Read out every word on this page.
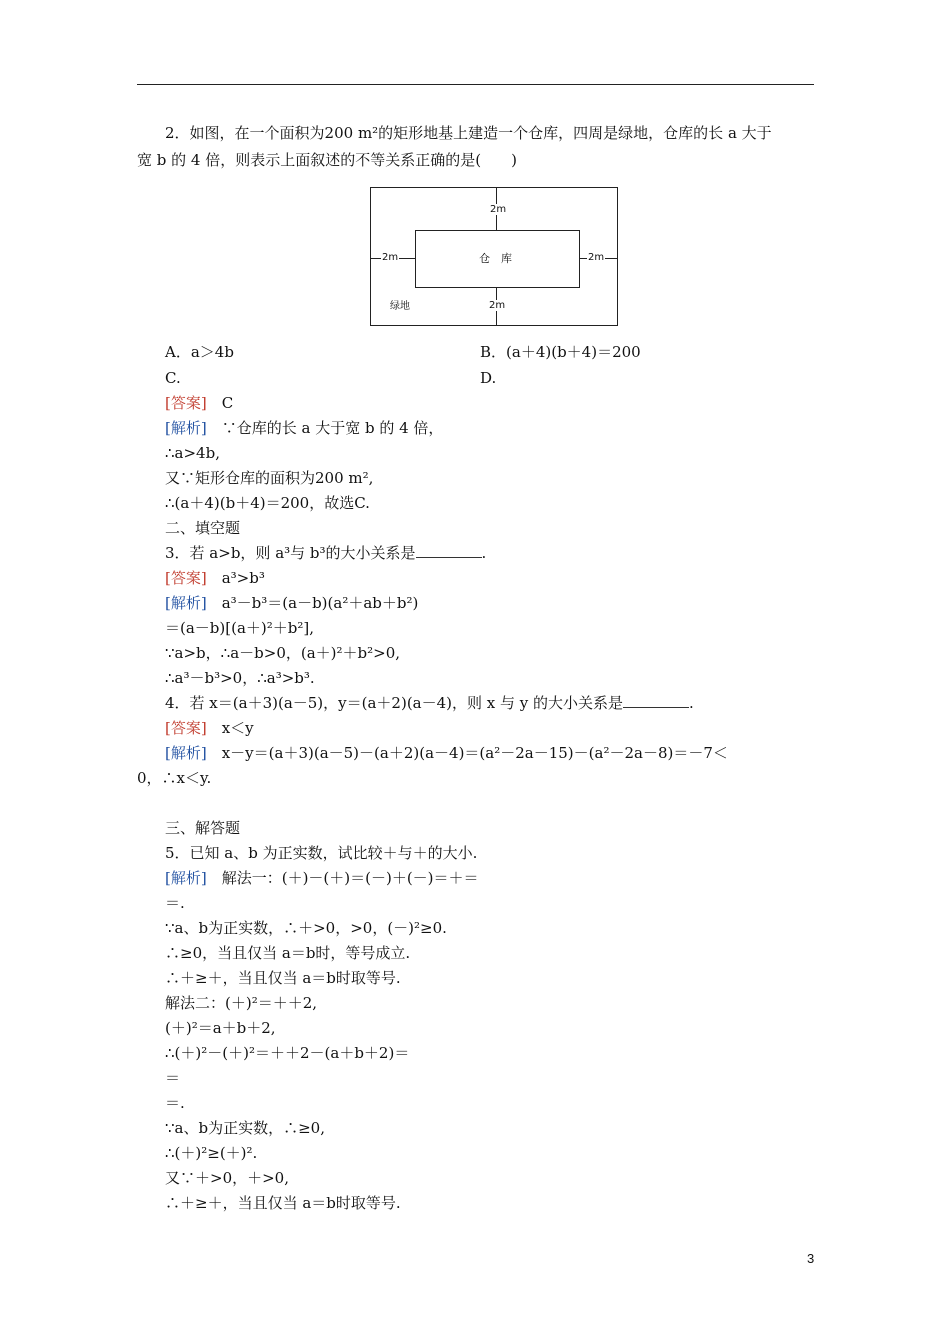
2．如图，在一个面积为200 m²的矩形地基上建造一个仓库，四周是绿地，仓库的长 a 大于
宽 b 的 4 倍，则表示上面叙述的不等关系正确的是(　　)
仓　库
2m
2m	2m
2m
绿地
A．a＞4b	B．(a＋4)(b＋4)＝200
C.	D.
[答案]　C
[解析]　∵仓库的长 a 大于宽 b 的 4 倍，
∴a>4b,
又∵矩形仓库的面积为200 m²,
∴(a＋4)(b＋4)＝200，故选C.
二、填空题
3．若 a>b，则 a³与 b³的大小关系是	.
[答案]　a³>b³
[解析]　a³－b³＝(a－b)(a²＋ab＋b²)
＝(a－b)[(a＋)²＋b²],
∵a>b，∴a－b>0，(a＋)²＋b²>0,
∴a³－b³>0，∴a³>b³.
4．若 x＝(a＋3)(a－5)，y＝(a＋2)(a－4)，则 x 与 y 的大小关系是	.
[答案]　x＜y
[解析]　x－y＝(a＋3)(a－5)－(a＋2)(a－4)＝(a²－2a－15)－(a²－2a－8)＝－7＜
0，∴x＜y.
三、解答题
5．已知 a、b 为正实数，试比较＋与＋的大小.
[解析]　解法一：(＋)－(＋)＝(－)＋(－)＝＋＝
＝.
∵a、b为正实数，∴＋>0，>0，(－)²≥0.
∴≥0，当且仅当 a＝b时，等号成立.
∴＋≥＋，当且仅当 a＝b时取等号.
解法二：(＋)²＝＋＋2,
(＋)²＝a＋b＋2,
∴(＋)²－(＋)²＝＋＋2－(a＋b＋2)＝
＝
＝.
∵a、b为正实数，∴≥0,
∴(＋)²≥(＋)².
又∵＋>0，＋>0,
∴＋≥＋，当且仅当 a＝b时取等号.
3
